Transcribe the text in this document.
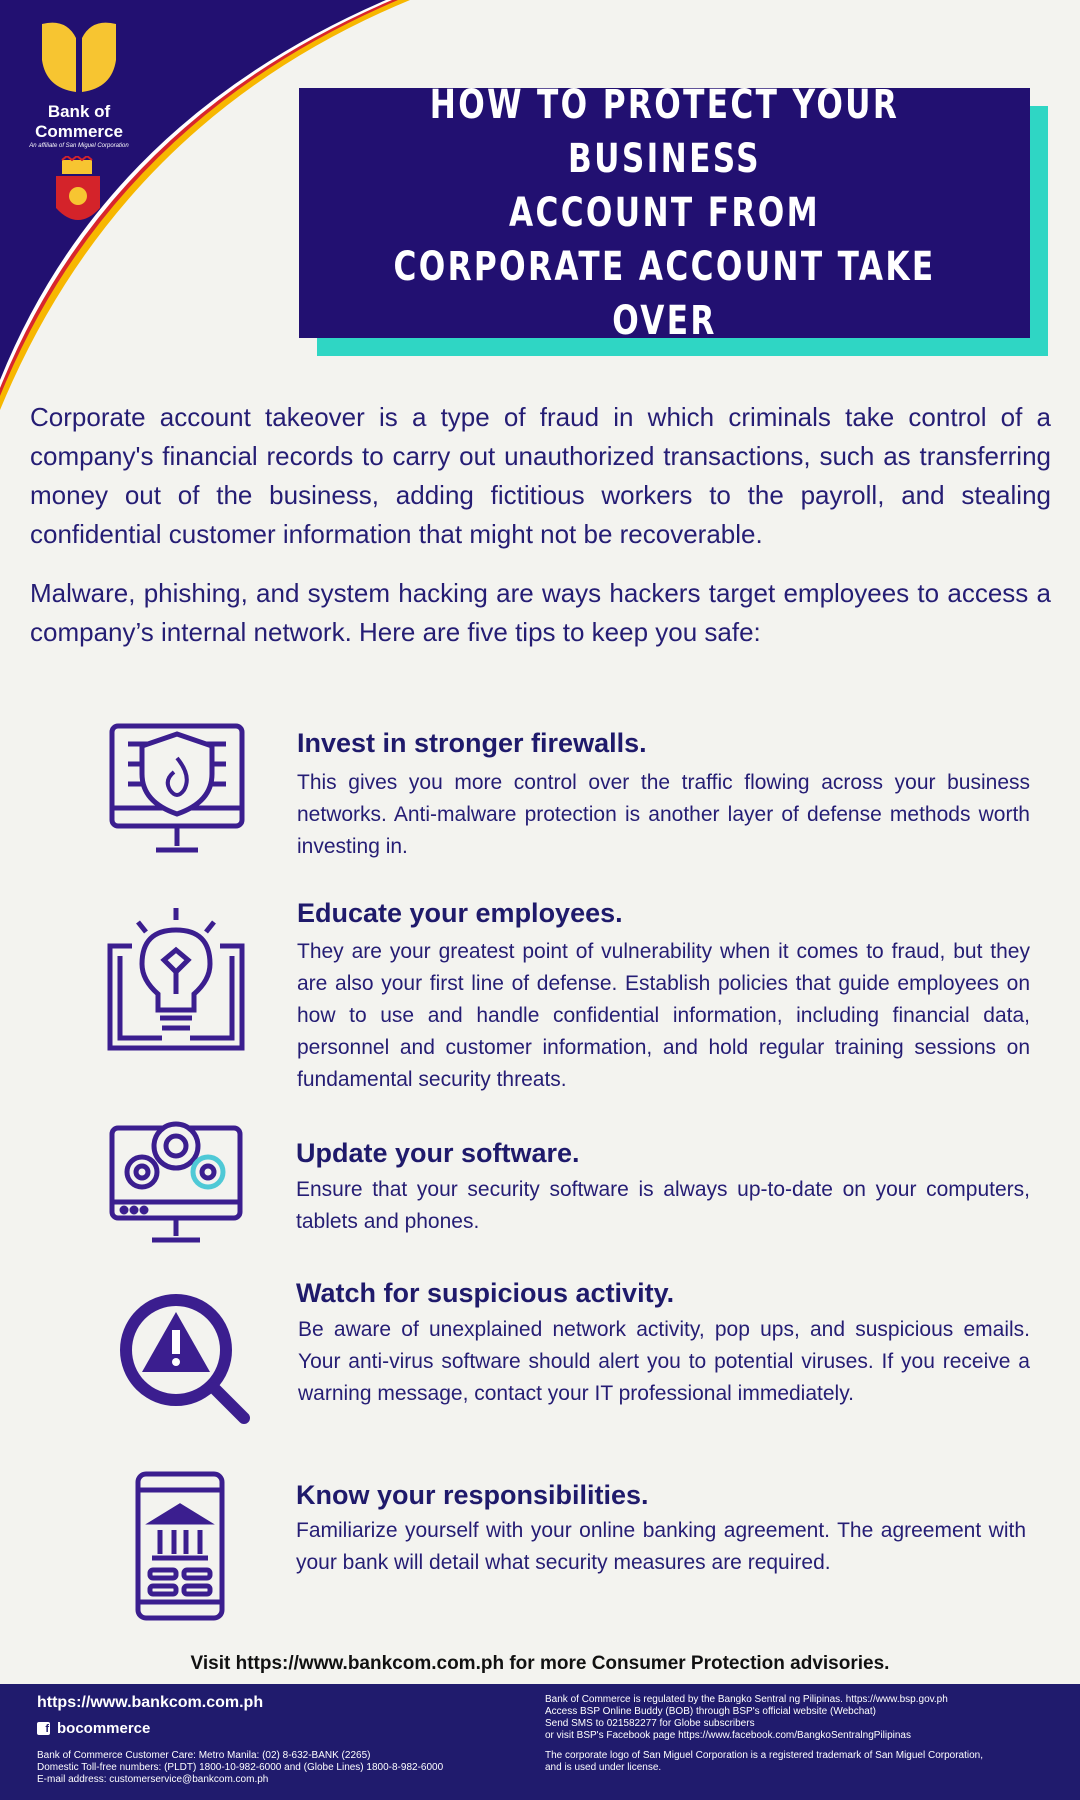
Bank of
Commerce
An affiliate of San Miguel Corporation
HOW TO PROTECT YOUR BUSINESS
ACCOUNT FROM
CORPORATE ACCOUNT TAKE OVER

Corporate account takeover is a type of fraud in which criminals take control of a company's financial records to carry out unauthorized transactions, such as transferring money out of the business, adding fictitious workers to the payroll, and stealing confidential customer information that might not be recoverable.

Malware, phishing, and system hacking are ways hackers target employees to access a company’s internal network. Here are five tips to keep you safe:

Invest in stronger firewalls.
This gives you more control over the traffic flowing across your business networks. Anti-malware protection is another layer of defense methods worth investing in.
Educate your employees.
They are your greatest point of vulnerability when it comes to fraud, but they are also your first line of defense. Establish policies that guide employees on how to use and handle confidential information, including financial data, personnel and customer information, and hold regular training sessions on fundamental security threats.
Update your software.
Ensure that your security software is always up-to-date on your computers, tablets and phones.
Watch for suspicious activity.
Be aware of unexplained network activity, pop ups, and suspicious emails. Your anti-virus software should alert you to potential viruses. If you receive a warning message, contact your IT professional immediately.
Know your responsibilities.
Familiarize yourself with your online banking agreement. The agreement with your bank will detail what security measures are required.
Visit https://www.bankcom.com.ph for more Consumer Protection advisories.
https://www.bankcom.com.ph
f bocommerce
Bank of Commerce Customer Care: Metro Manila: (02) 8-632-BANK (2265)
Domestic Toll-free numbers: (PLDT) 1800-10-982-6000 and (Globe Lines) 1800-8-982-6000
E-mail address: customerservice@bankcom.com.ph
Bank of Commerce is regulated by the Bangko Sentral ng Pilipinas. https://www.bsp.gov.ph
Access BSP Online Buddy (BOB) through BSP's official website (Webchat)
Send SMS to 021582277 for Globe subscribers
or visit BSP's Facebook page https://www.facebook.com/BangkoSentralngPilipinas
The corporate logo of San Miguel Corporation is a registered trademark of San Miguel Corporation,
and is used under license.
